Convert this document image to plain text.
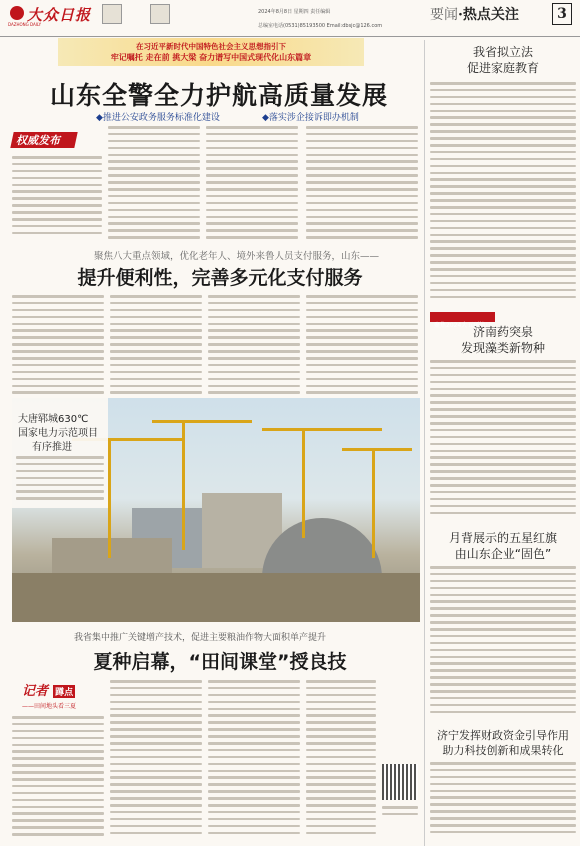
大众日报
DAZHONG DAILY
2024年8月8日 星期四 责任编辑
总编室电话(0531)85193500 Email:dbsjc@126.com
要闻·热点关注	3
在习近平新时代中国特色社会主义思想指引下
牢记嘱托 走在前 挑大梁 奋力谱写中国式现代化山东篇章
山东全警全力护航高质量发展
◆推进公安政务服务标准化建设	◆落实涉企接诉即办机制
权威发布
聚焦八大重点领域，优化老年人、境外来鲁人员支付服务，山东——
提升便利性，完善多元化支付服务
大唐郓城630℃
国家电力示范项目
有序推进
我省集中推广关键增产技术，促进主要粮油作物大面积单产提升
夏种启幕，“田间课堂”授良技
记者 蹲点
——田间地头看三夏
我省拟立法
促进家庭教育
聚焦2024大五环境日
济南药突泉
发现藻类新物种
月背展示的五星红旗
由山东企业“固色”
济宁发挥财政资金引导作用
助力科技创新和成果转化
